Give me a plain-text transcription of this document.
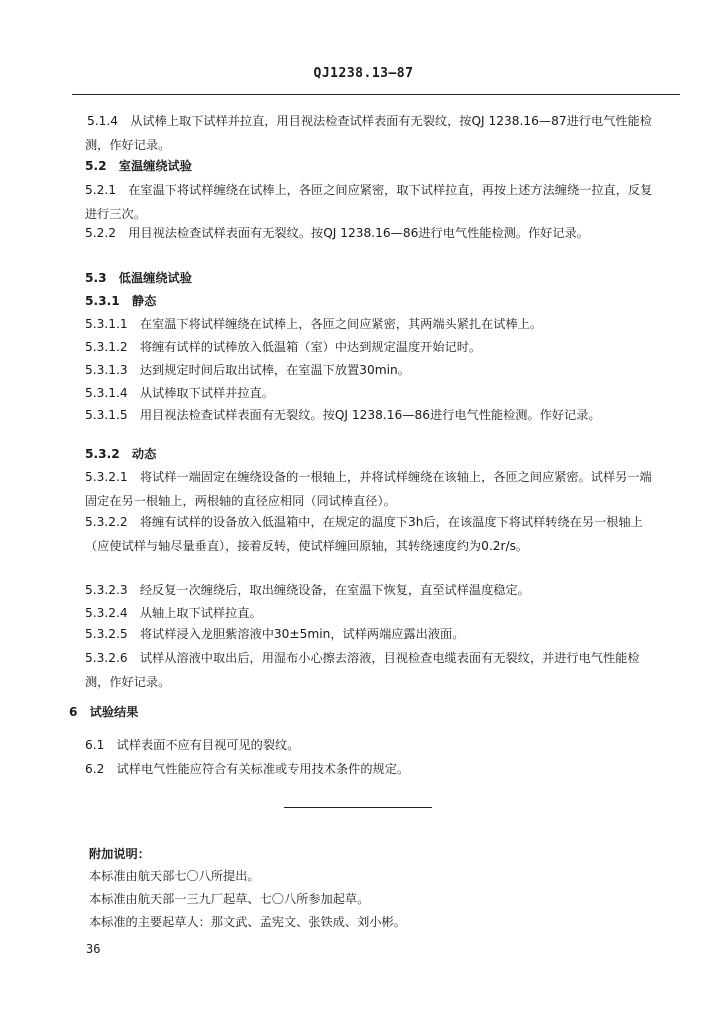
QJ1238.13—87

5.1.4　从试棒上取下试样并拉直，用目视法检查试样表面有无裂纹，按QJ 1238.16—87进行电气性能检测，作好记录。

5.2　室温缠绕试验

5.2.1　在室温下将试样缠绕在试棒上，各匝之间应紧密，取下试样拉直，再按上述方法缠绕一拉直，反复进行三次。

5.2.2　用目视法检查试样表面有无裂纹。按QJ 1238.16—86进行电气性能检测。作好记录。

5.3　低温缠绕试验

5.3.1　静态

5.3.1.1　在室温下将试样缠绕在试棒上，各匝之间应紧密，其两端头紧扎在试棒上。

5.3.1.2　将缠有试样的试棒放入低温箱（室）中达到规定温度开始记时。

5.3.1.3　达到规定时间后取出试棒，在室温下放置30min。

5.3.1.4　从试棒取下试样并拉直。

5.3.1.5　用目视法检查试样表面有无裂纹。按QJ 1238.16—86进行电气性能检测。作好记录。

5.3.2　动态

5.3.2.1　将试样一端固定在缠绕设备的一根轴上，并将试样缠绕在该轴上，各匝之间应紧密。试样另一端固定在另一根轴上，两根轴的直径应相同（同试棒直径）。

5.3.2.2　将缠有试样的设备放入低温箱中，在规定的温度下3h后，在该温度下将试样转绕在另一根轴上（应使试样与轴尽量垂直），接着反转，使试样缠回原轴，其转绕速度约为0.2r/s。

5.3.2.3　经反复一次缠绕后，取出缠绕设备，在室温下恢复，直至试样温度稳定。

5.3.2.4　从轴上取下试样拉直。

5.3.2.5　将试样浸入龙胆紫溶液中30±5min，试样两端应露出液面。

5.3.2.6　试样从溶液中取出后，用湿布小心擦去溶液，目视检查电缆表面有无裂纹，并进行电气性能检测，作好记录。

6　试验结果

6.1　试样表面不应有目视可见的裂纹。

6.2　试样电气性能应符合有关标准或专用技术条件的规定。

附加说明：

本标准由航天部七〇八所提出。

本标准由航天部一三九厂起草、七〇八所参加起草。

本标准的主要起草人：那文武、孟宪文、张铁成、刘小彬。

36
